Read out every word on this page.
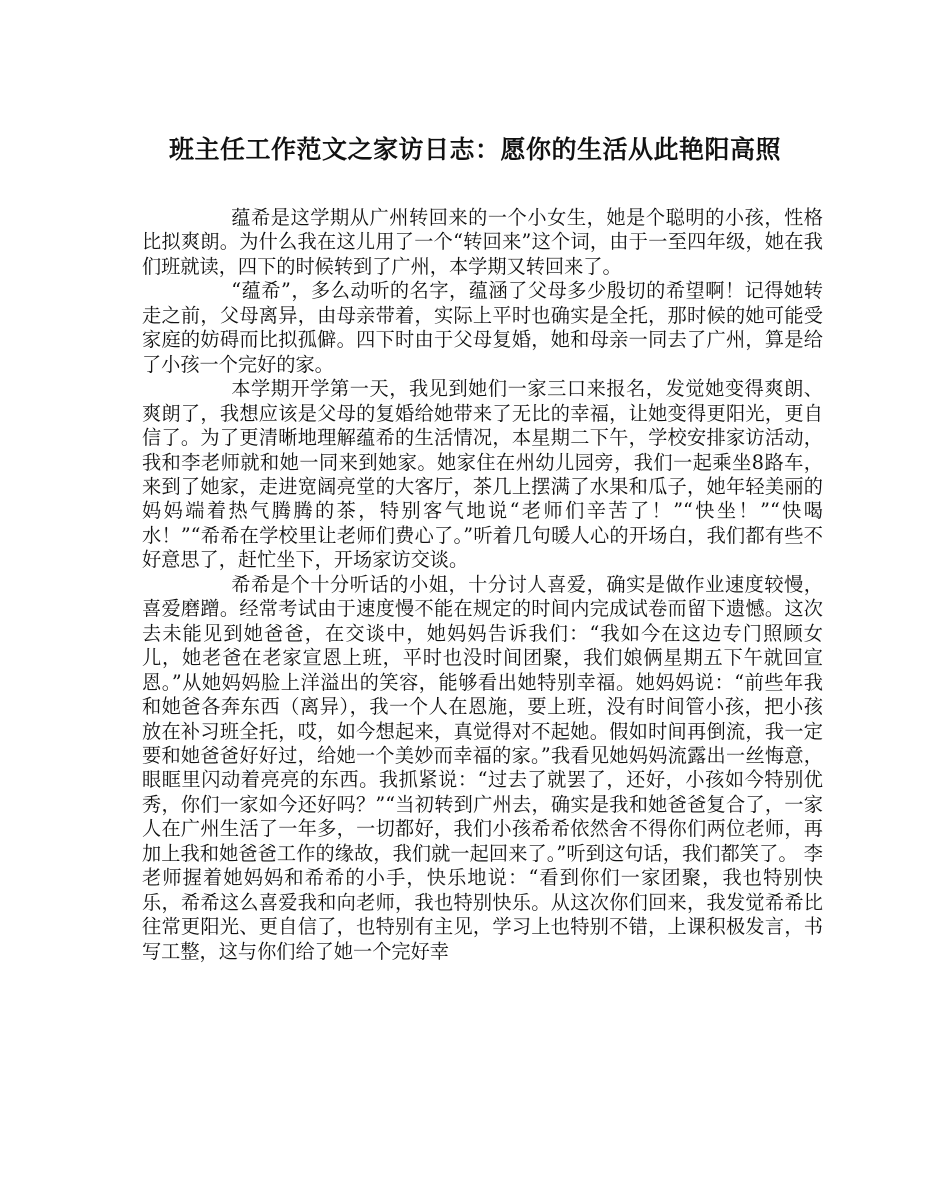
班主任工作范文之家访日志：愿你的生活从此艳阳高照

蕴希是这学期从广州转回来的一个小女生，她是个聪明的小孩，性格比拟爽朗。为什么我在这儿用了一个“转回来”这个词，由于一至四年级，她在我们班就读，四下的时候转到了广州，本学期又转回来了。

“蕴希”，多么动听的名字，蕴涵了父母多少殷切的希望啊！记得她转走之前，父母离异，由母亲带着，实际上平时也确实是全托，那时候的她可能受家庭的妨碍而比拟孤僻。四下时由于父母复婚，她和母亲一同去了广州，算是给了小孩一个完好的家。

本学期开学第一天，我见到她们一家三口来报名，发觉她变得爽朗、爽朗了，我想应该是父母的复婚给她带来了无比的幸福，让她变得更阳光，更自信了。为了更清晰地理解蕴希的生活情况，本星期二下午，学校安排家访活动，我和李老师就和她一同来到她家。她家住在州幼儿园旁，我们一起乘坐8路车，来到了她家，走进宽阔亮堂的大客厅，茶几上摆满了水果和瓜子，她年轻美丽的妈妈端着热气腾腾的茶，特别客气地说“老师们辛苦了！”“快坐！”“快喝水！”“希希在学校里让老师们费心了。”听着几句暖人心的开场白，我们都有些不好意思了，赶忙坐下，开场家访交谈。

希希是个十分听话的小姐，十分讨人喜爱，确实是做作业速度较慢，喜爱磨蹭。经常考试由于速度慢不能在规定的时间内完成试卷而留下遗憾。这次去未能见到她爸爸，在交谈中，她妈妈告诉我们：“我如今在这边专门照顾女儿，她老爸在老家宣恩上班，平时也没时间团聚，我们娘俩星期五下午就回宣恩。”从她妈妈脸上洋溢出的笑容，能够看出她特别幸福。她妈妈说：“前些年我和她爸各奔东西（离异），我一个人在恩施，要上班，没有时间管小孩，把小孩放在补习班全托，哎，如今想起来，真觉得对不起她。假如时间再倒流，我一定要和她爸爸好好过，给她一个美妙而幸福的家。”我看见她妈妈流露出一丝悔意，眼眶里闪动着亮亮的东西。我抓紧说：“过去了就罢了，还好，小孩如今特别优秀，你们一家如今还好吗？”“当初转到广州去，确实是我和她爸爸复合了，一家人在广州生活了一年多，一切都好，我们小孩希希依然舍不得你们两位老师，再加上我和她爸爸工作的缘故，我们就一起回来了。”听到这句话，我们都笑了。 李老师握着她妈妈和希希的小手，快乐地说：“看到你们一家团聚，我也特别快乐，希希这么喜爱我和向老师，我也特别快乐。从这次你们回来，我发觉希希比往常更阳光、更自信了，也特别有主见，学习上也特别不错，上课积极发言，书写工整，这与你们给了她一个完好幸
